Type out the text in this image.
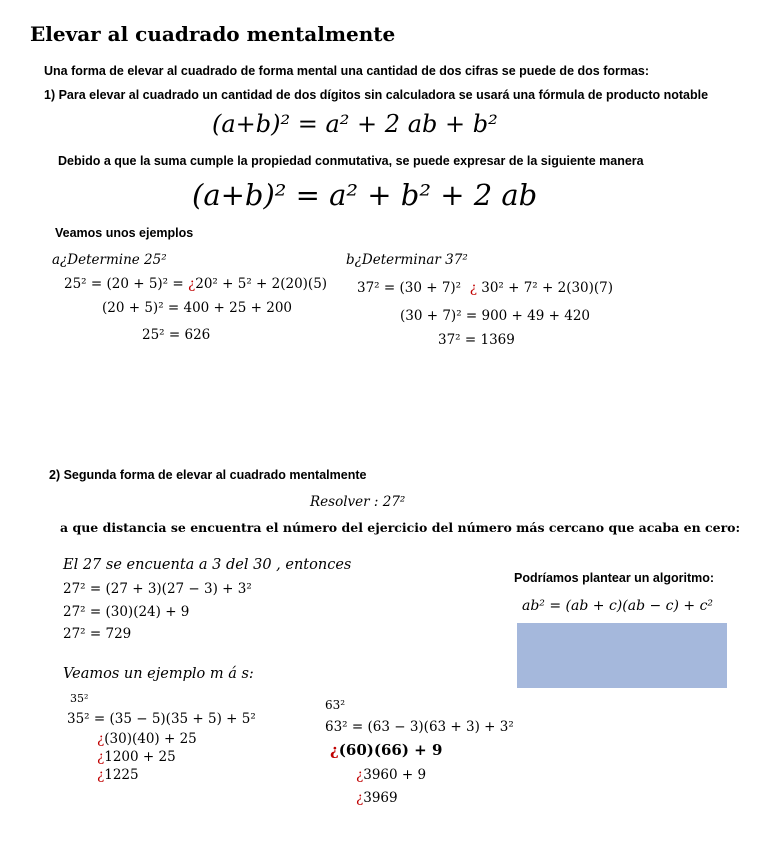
Elevar al cuadrado mentalmente
Una forma de elevar al cuadrado de forma mental una cantidad de dos cifras se puede de dos formas:
1) Para elevar al cuadrado un cantidad de dos dígitos sin calculadora se usará una fórmula de producto notable
(a+b)² = a² + 2 ab + b²
Debido a que la suma cumple la propiedad conmutativa, se puede expresar de la siguiente manera
(a+b)² = a² + b² + 2 ab
Veamos unos ejemplos
a¿Determine 25²
25² = (20 + 5)² = ¿20² + 5² + 2(20)(5)
(20 + 5)² = 400 + 25 + 200
25² = 626
b¿Determinar 37²
37² = (30 + 7)² ¿ 30² + 7² + 2(30)(7)
(30 + 7)² = 900 + 49 + 420
37² = 1369
2) Segunda forma de elevar al cuadrado mentalmente
Resolver : 27²
a que distancia se encuentra el número del ejercicio del número más cercano que acaba en cero:
El 27 se encuenta a 3 del 30 , entonces
27² = (27 + 3)(27 − 3) + 3²
27² = (30)(24) + 9
27² = 729
Podríamos plantear un algoritmo:
ab² = (ab + c)(ab − c) + c²
Veamos un ejemplo m á s:
35²
35² = (35 − 5)(35 + 5) + 5²
¿(30)(40) + 25
¿1200 + 25
¿1225
63²
63² = (63 − 3)(63 + 3) + 3²
¿(60)(66) + 9
¿3960 + 9
¿3969
